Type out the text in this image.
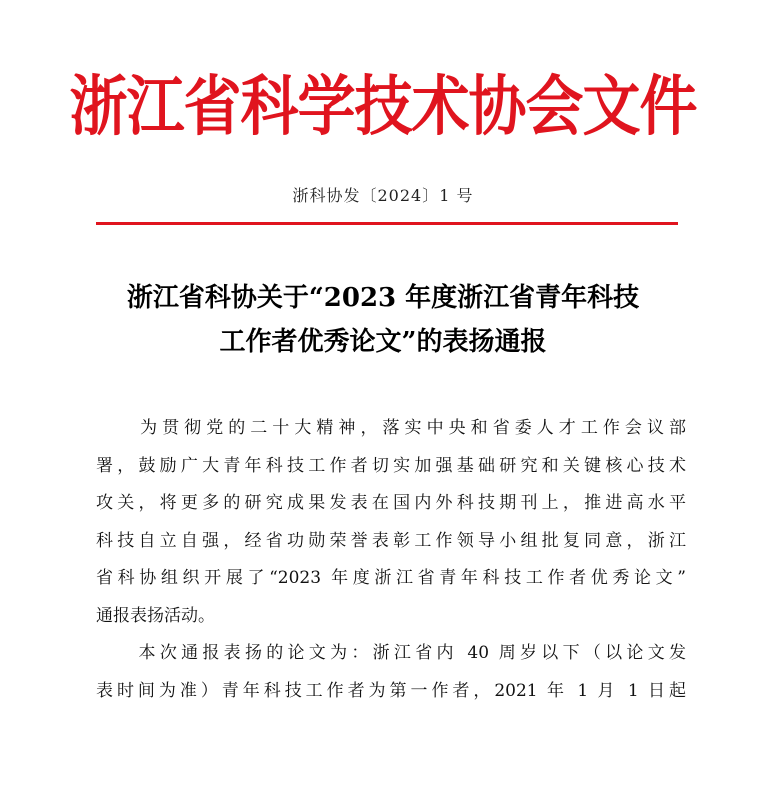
浙江省科学技术协会文件
浙科协发〔2024〕1 号
浙江省科协关于“2023 年度浙江省青年科技
工作者优秀论文”的表扬通报
　　为贯彻党的二十大精神，落实中央和省委人才工作会议部
署，鼓励广大青年科技工作者切实加强基础研究和关键核心技术
攻关，将更多的研究成果发表在国内外科技期刊上，推进高水平
科技自立自强，经省功勋荣誉表彰工作领导小组批复同意，浙江
省科协组织开展了“2023 年度浙江省青年科技工作者优秀论文”
通报表扬活动。
　　本次通报表扬的论文为：浙江省内 40 周岁以下（以论文发
表时间为准）青年科技工作者为第一作者，2021 年 1 月 1 日起
